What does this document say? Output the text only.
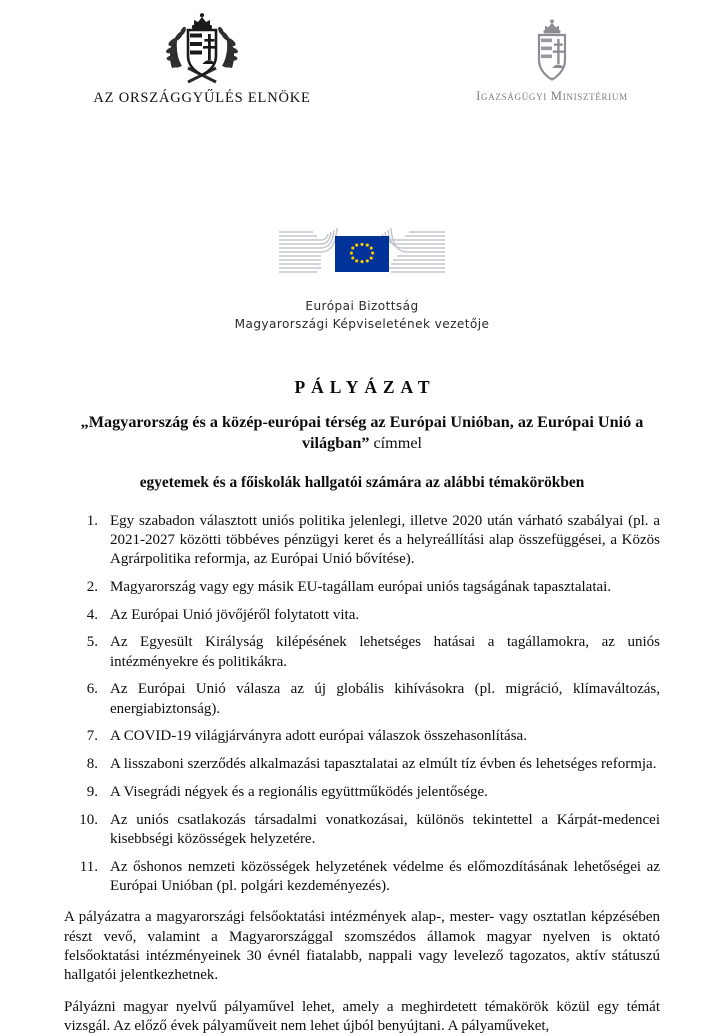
AZ ORSZÁGGYŰLÉS ELNÖKE	Igazságügyi Minisztérium
Európai Bizottság
Magyarországi Képviseletének vezetője
PÁLYÁZAT
„Magyarország és a közép-európai térség az Európai Unióban, az Európai Unió a világban” címmel
egyetemek és a főiskolák hallgatói számára az alábbi témakörökben
1. Egy szabadon választott uniós politika jelenlegi, illetve 2020 után várható szabályai (pl. a 2021-2027 közötti többéves pénzügyi keret és a helyreállítási alap összefüggései, a Közös Agrárpolitika reformja, az Európai Unió bővítése).
2. Magyarország vagy egy másik EU-tagállam európai uniós tagságának tapasztalatai.
4. Az Európai Unió jövőjéről folytatott vita.
5. Az Egyesült Királyság kilépésének lehetséges hatásai a tagállamokra, az uniós intézményekre és politikákra.
6. Az Európai Unió válasza az új globális kihívásokra (pl. migráció, klímaváltozás, energiabiztonság).
7. A COVID-19 világjárványra adott európai válaszok összehasonlítása.
8. A lisszaboni szerződés alkalmazási tapasztalatai az elmúlt tíz évben és lehetséges reformja.
9. A Visegrádi négyek és a regionális együttműködés jelentősége.
10. Az uniós csatlakozás társadalmi vonatkozásai, különös tekintettel a Kárpát-medencei kisebbségi közösségek helyzetére.
11. Az őshonos nemzeti közösségek helyzetének védelme és előmozdításának lehetőségei az Európai Unióban (pl. polgári kezdeményezés).
A pályázatra a magyarországi felsőoktatási intézmények alap-, mester- vagy osztatlan képzésében részt vevő, valamint a Magyarországgal szomszédos államok magyar nyelven is oktató felsőoktatási intézményeinek 30 évnél fiatalabb, nappali vagy levelező tagozatos, aktív státuszú hallgatói jelentkezhetnek.
Pályázni magyar nyelvű pályaművel lehet, amely a meghirdetett témakörök közül egy témát vizsgál. Az előző évek pályaműveit nem lehet újból benyújtani. A pályaműveket,
